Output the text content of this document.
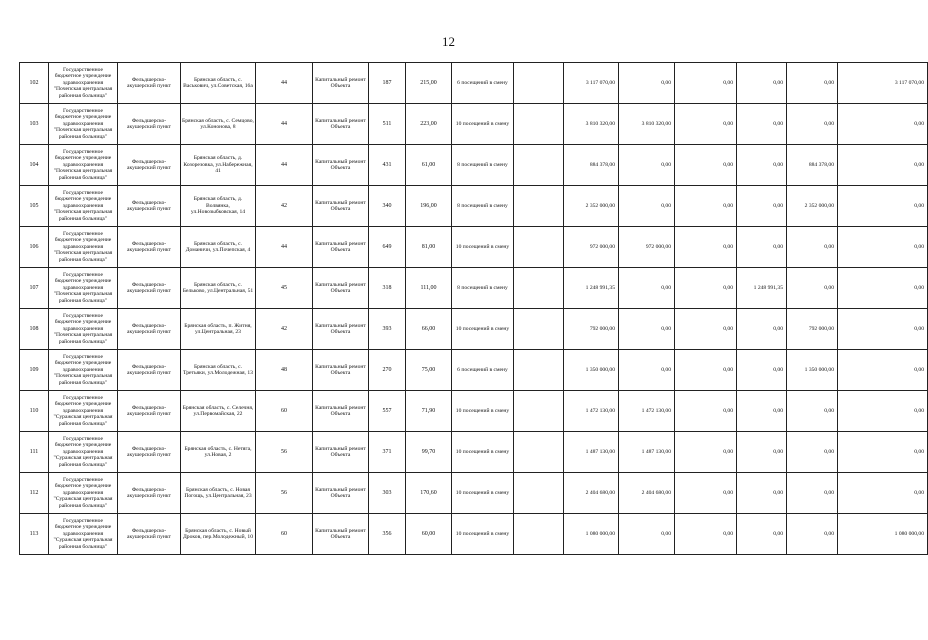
12
102	Государственное бюджетное учреждение здравоохранения "Почепская центральная районная больница"	Фельдшерско-акушерский пункт	Брянская область, с. Васькович, ул.Советская, 16а	44	Капитальный ремонт Объекта	187	215,00	6 посещений в смену		3 117 070,00	0,00	0,00	0,00	0,00	3 117 070,00
103	Государственное бюджетное учреждение здравоохранения "Почепская центральная районная больница"	Фельдшерско-акушерский пункт	Брянская область, с. Семцово, ул.Кононова, 8	44	Капитальный ремонт Объекта	511	223,00	10 посещений в смену		3 810 320,00	3 810 320,00	0,00	0,00	0,00	0,00
104	Государственное бюджетное учреждение здравоохранения "Почепская центральная районная больница"	Фельдшерско-акушерский пункт	Брянская область, д. Козорезовка, ул.Набережная, 41	44	Капитальный ремонт Объекта	431	61,00	8 посещений в смену		884 378,00	0,00	0,00	0,00	884 378,00	0,00
105	Государственное бюджетное учреждение здравоохранения "Почепская центральная районная больница"	Фельдшерско-акушерский пункт	Брянская область, д. Волвянка, ул.Новозыбковская, 14	42	Капитальный ремонт Объекта	340	196,00	8 посещений в смену		2 352 000,00	0,00	0,00	0,00	2 352 000,00	0,00
106	Государственное бюджетное учреждение здравоохранения "Почепская центральная районная больница"	Фельдшерско-акушерский пункт	Брянская область, с. Доманичи, ул.Почепская, 4	44	Капитальный ремонт Объекта	649	81,00	10 посещений в смену		972 000,00	972 000,00	0,00	0,00	0,00	0,00
107	Государственное бюджетное учреждение здравоохранения "Почепская центральная районная больница"	Фельдшерско-акушерский пункт	Брянская область, с. Бельково, ул.Центральная, 51	45	Капитальный ремонт Объекта	318	111,00	8 посещений в смену		1 248 991,35	0,00	0,00	1 248 991,35	0,00	0,00
108	Государственное бюджетное учреждение здравоохранения "Почепская центральная районная больница"	Фельдшерско-акушерский пункт	Брянская область, п. Житня, ул.Центральная, 23	42	Капитальный ремонт Объекта	393	66,00	10 посещений в смену		792 000,00	0,00	0,00	0,00	792 000,00	0,00
109	Государственное бюджетное учреждение здравоохранения "Почепская центральная районная больница"	Фельдшерско-акушерский пункт	Брянская область, с. Третьяки, ул.Молодежная, 13	48	Капитальный ремонт Объекта	270	75,00	6 посещений в смену		1 350 000,00	0,00	0,00	0,00	1 350 000,00	0,00
110	Государственное бюджетное учреждение здравоохранения "Суражская центральная районная больница"	Фельдшерско-акушерский пункт	Брянская область, с. Селечня, ул.Первомайская, 22	60	Капитальный ремонт Объекта	557	71,90	10 посещений в смену		1 472 130,00	1 472 130,00	0,00	0,00	0,00	0,00
111	Государственное бюджетное учреждение здравоохранения "Суражская центральная районная больница"	Фельдшерско-акушерский пункт	Брянская область, с. Нетяга, ул.Новая, 2	56	Капитальный ремонт Объекта	371	99,70	10 посещений в смену		1 487 130,00	1 487 130,00	0,00	0,00	0,00	0,00
112	Государственное бюджетное учреждение здравоохранения "Суражская центральная районная больница"	Фельдшерско-акушерский пункт	Брянская область, с. Новая Погощь, ул.Центральная, 23	56	Капитальный ремонт Объекта	303	170,60	10 посещений в смену		2 404 680,00	2 404 680,00	0,00	0,00	0,00	0,00
113	Государственное бюджетное учреждение здравоохранения "Суражская центральная районная больница"	Фельдшерско-акушерский пункт	Брянская область, с. Новый Дроков, пер.Молодежный, 10	60	Капитальный ремонт Объекта	356	60,00	10 посещений в смену		1 080 000,00	0,00	0,00	0,00	0,00	1 080 000,00
